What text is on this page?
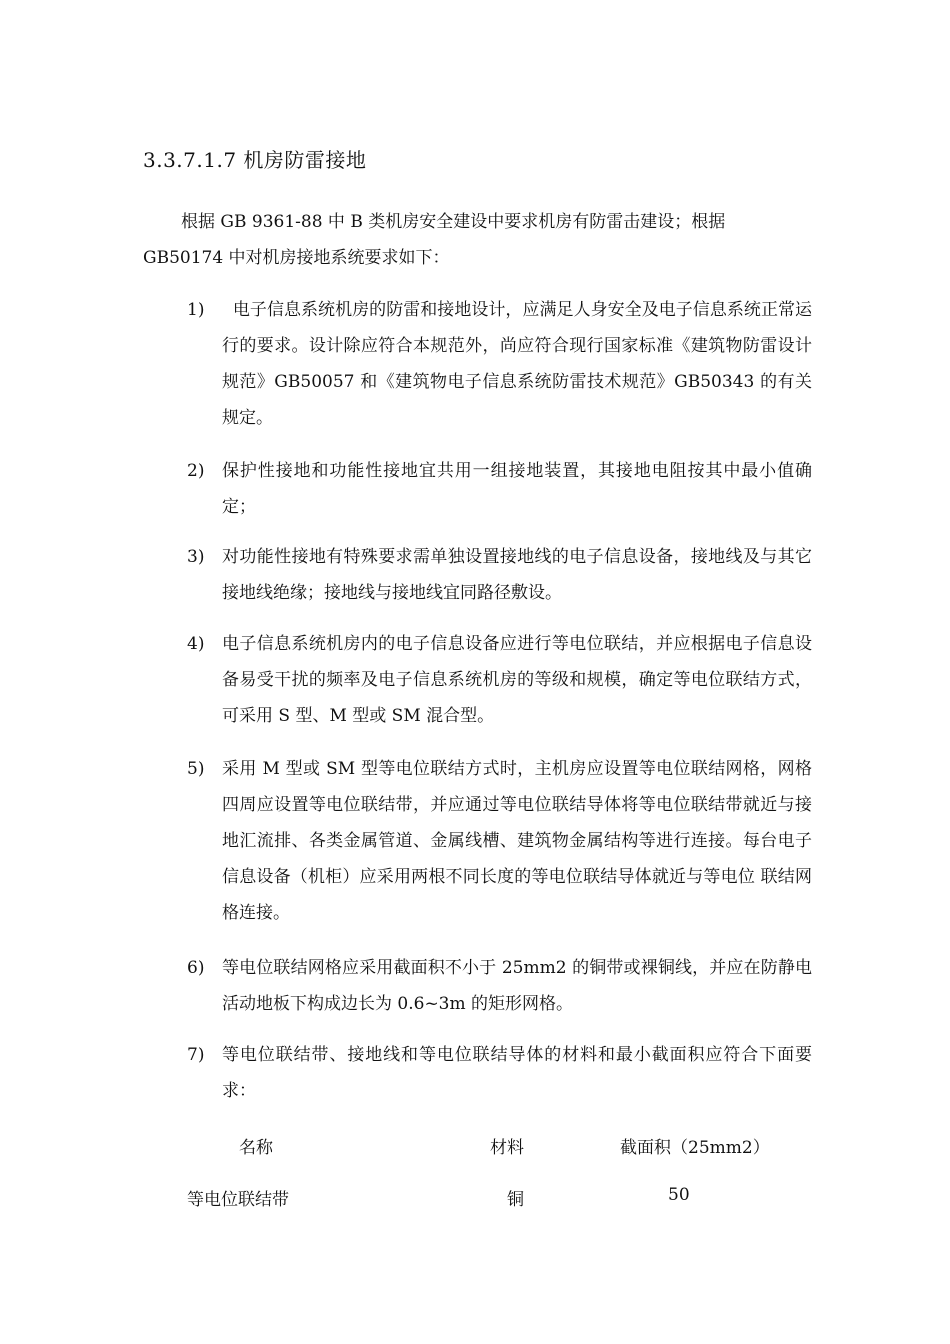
3.3.7.1.7 机房防雷接地
根据 GB 9361-88 中 B 类机房安全建设中要求机房有防雷击建设；根据
GB50174 中对机房接地系统要求如下：
1)	电子信息系统机房的防雷和接地设计，应满足人身安全及电子信息系统正常运行的要求。设计除应符合本规范外，尚应符合现行国家标准《建筑物防雷设计规范》GB50057 和《建筑物电子信息系统防雷技术规范》GB50343 的有关规定。
2)	保护性接地和功能性接地宜共用一组接地装置，其接地电阻按其中最小值确定；
3)	对功能性接地有特殊要求需单独设置接地线的电子信息设备，接地线及与其它接地线绝缘；接地线与接地线宜同路径敷设。
4)	电子信息系统机房内的电子信息设备应进行等电位联结，并应根据电子信息设备易受干扰的频率及电子信息系统机房的等级和规模，确定等电位联结方式，可采用 S 型、M 型或 SM 混合型。
5)	采用 M 型或 SM 型等电位联结方式时，主机房应设置等电位联结网格，网格四周应设置等电位联结带，并应通过等电位联结导体将等电位联结带就近与接地汇流排、各类金属管道、金属线槽、建筑物金属结构等进行连接。每台电子信息设备（机柜）应采用两根不同长度的等电位联结导体就近与等电位 联结网格连接。
6)	等电位联结网格应采用截面积不小于 25mm2 的铜带或裸铜线，并应在防静电活动地板下构成边长为 0.6~3m 的矩形网格。
7)	等电位联结带、接地线和等电位联结导体的材料和最小截面积应符合下面要求：
名称	材料	截面积（25mm2）
等电位联结带	铜	50
